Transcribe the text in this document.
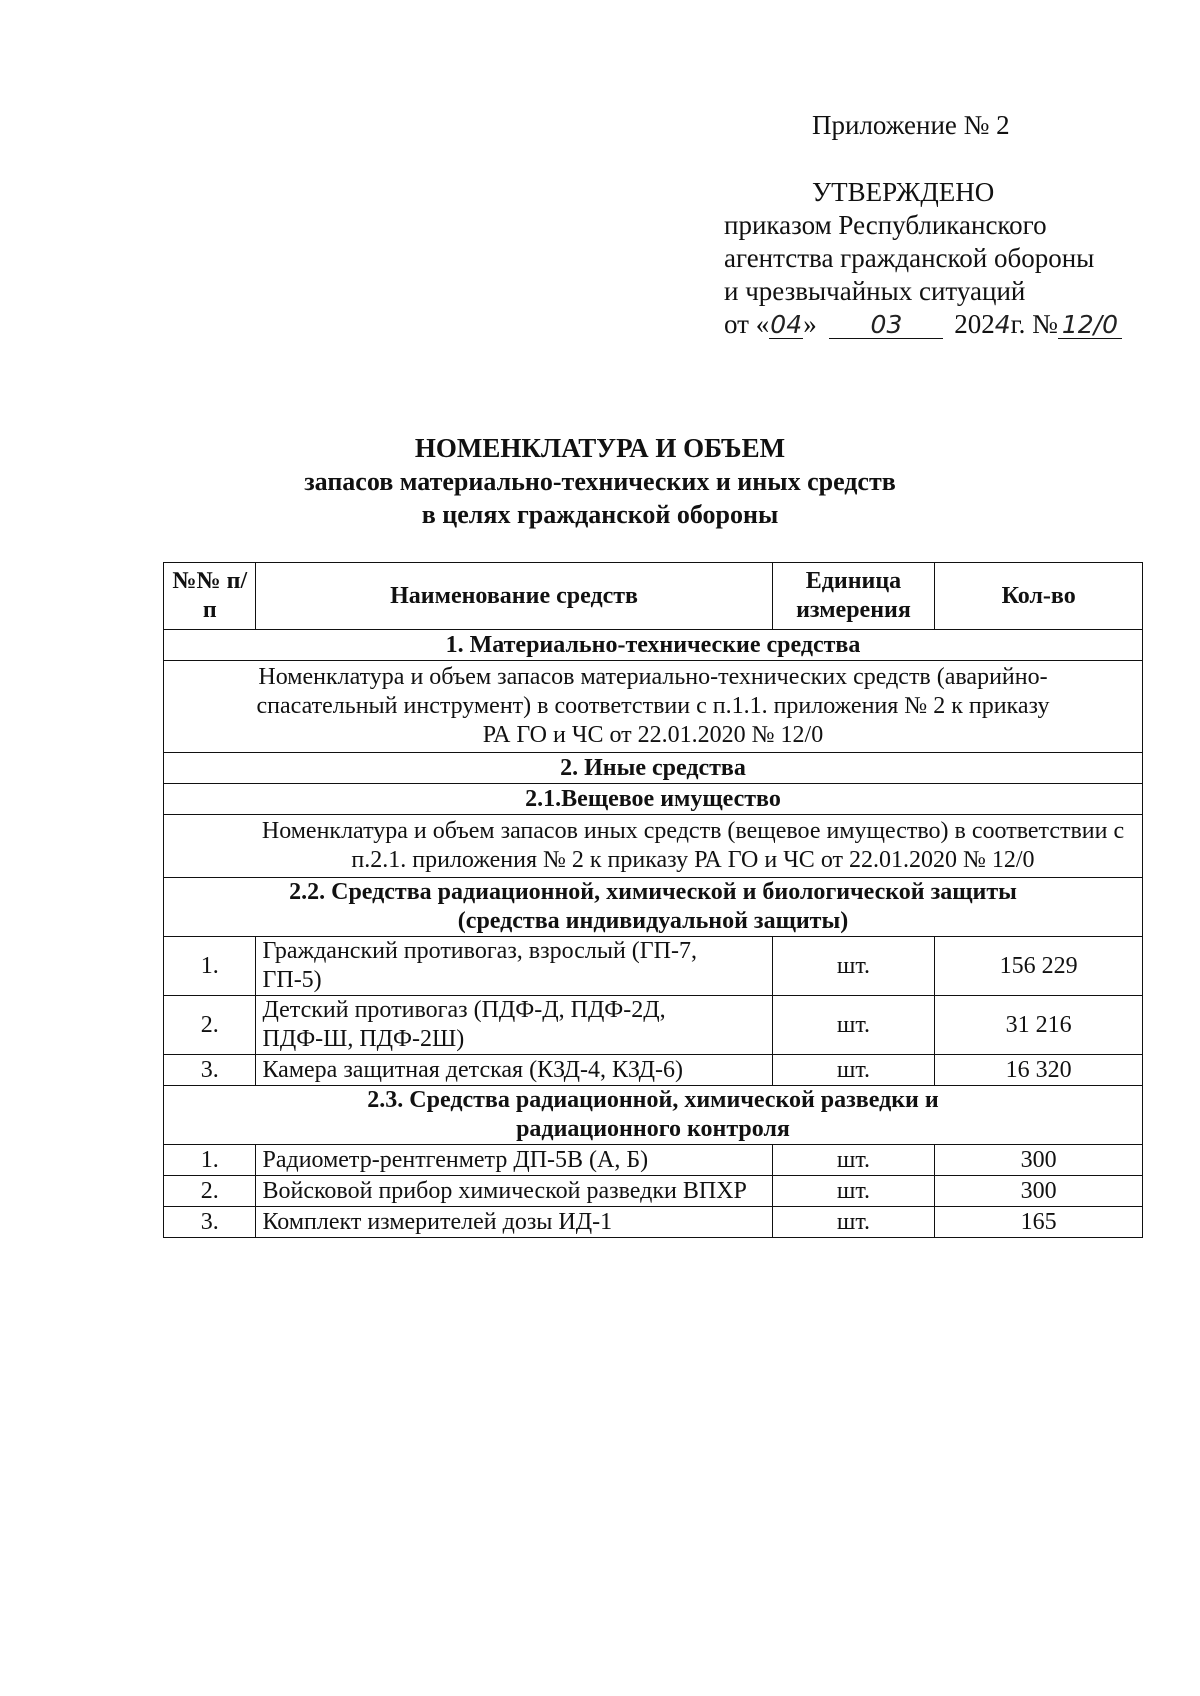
Приложение № 2
УТВЕРЖДЕНО
приказом Республиканского
агентства гражданской обороны
и чрезвычайных ситуаций
от «04» 03 2024г. № 12/0
НОМЕНКЛАТУРА И ОБЪЕМ
запасов материально-технических и иных средств
в целях гражданской обороны
№№ п/п	Наименование средств	Единица измерения	Кол-во
1. Материально-технические средства			
Номенклатура и объем запасов материально-технических средств (аварийно-спасательный инструмент) в соответствии с п.1.1. приложения № 2 к приказу РА ГО и ЧС от 22.01.2020 № 12/0			
2. Иные средства			
2.1.Вещевое имущество			
Номенклатура и объем запасов иных средств (вещевое имущество) в соответствии с п.2.1. приложения № 2 к приказу РА ГО и ЧС от 22.01.2020 № 12/0			
2.2. Средства радиационной, химической и биологической защиты (средства индивидуальной защиты)			
1.	Гражданский противогаз, взрослый (ГП-7, ГП-5)	шт.	156 229
2.	Детский противогаз (ПДФ-Д, ПДФ-2Д, ПДФ-Ш, ПДФ-2Ш)	шт.	31 216
3.	Камера защитная детская (КЗД-4, КЗД-6)	шт.	16 320
2.3. Средства радиационной, химической разведки и радиационного контроля			
1.	Радиометр-рентгенметр ДП-5В (А, Б)	шт.	300
2.	Войсковой прибор химической разведки ВПХР	шт.	300
3.	Комплект измерителей дозы ИД-1	шт.	165
